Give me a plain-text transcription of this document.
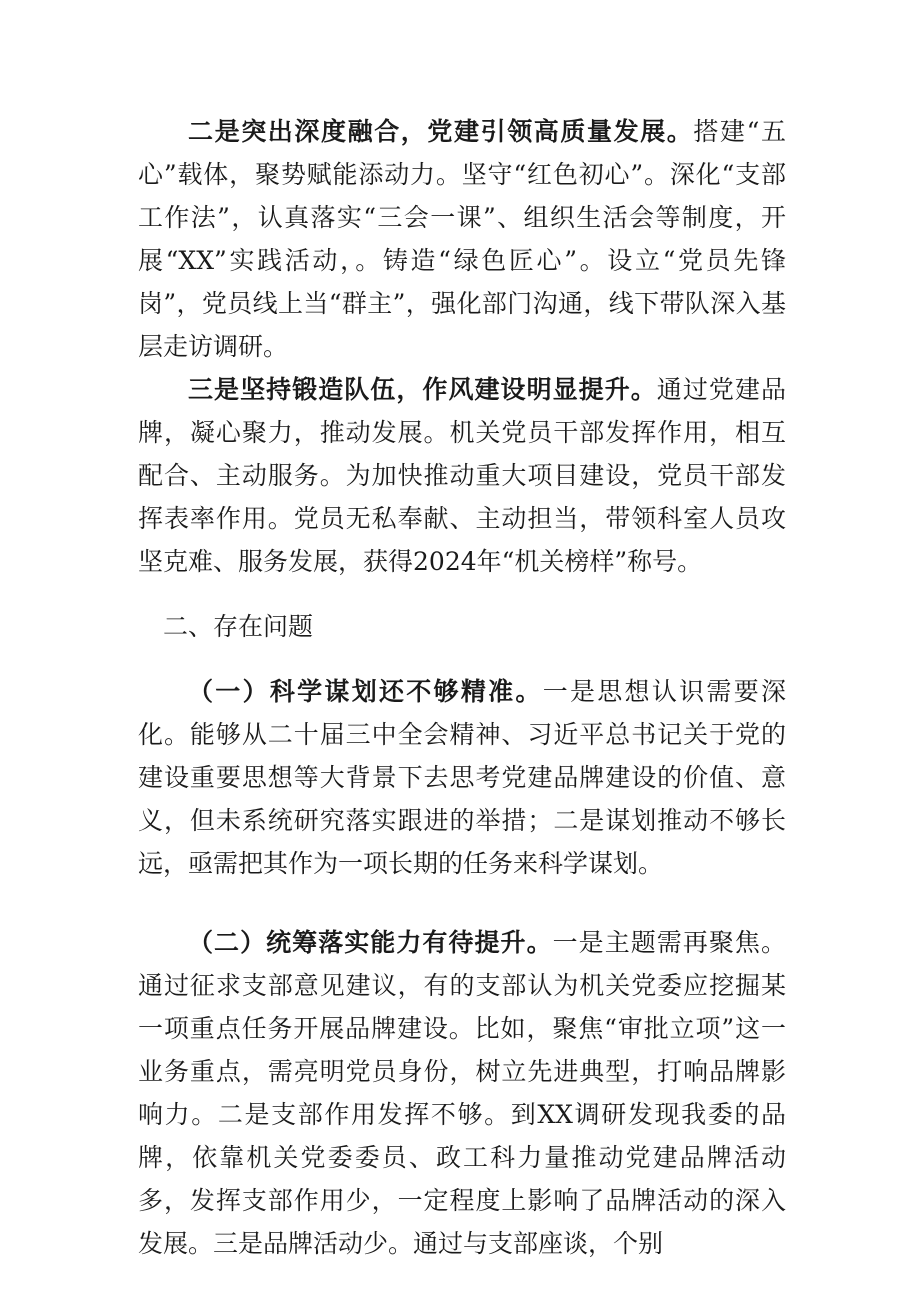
二是突出深度融合，党建引领高质量发展。搭建“五心”载体，聚势赋能添动力。坚守“红色初心”。深化“支部工作法”，认真落实“三会一课”、组织生活会等制度，开展“XX”实践活动，。铸造“绿色匠心”。设立“党员先锋岗”，党员线上当“群主”，强化部门沟通，线下带队深入基层走访调研。

三是坚持锻造队伍，作风建设明显提升。通过党建品牌，凝心聚力，推动发展。机关党员干部发挥作用，相互配合、主动服务。为加快推动重大项目建设，党员干部发挥表率作用。党员无私奉献、主动担当，带领科室人员攻坚克难、服务发展，获得2024年“机关榜样”称号。

二、存在问题

（一）科学谋划还不够精准。一是思想认识需要深化。能够从二十届三中全会精神、习近平总书记关于党的建设重要思想等大背景下去思考党建品牌建设的价值、意义，但未系统研究落实跟进的举措；二是谋划推动不够长远，亟需把其作为一项长期的任务来科学谋划。

（二）统筹落实能力有待提升。一是主题需再聚焦。通过征求支部意见建议，有的支部认为机关党委应挖掘某一项重点任务开展品牌建设。比如，聚焦“审批立项”这一业务重点，需亮明党员身份，树立先进典型，打响品牌影响力。二是支部作用发挥不够。到XX调研发现我委的品牌，依靠机关党委委员、政工科力量推动党建品牌活动多，发挥支部作用少，一定程度上影响了品牌活动的深入发展。三是品牌活动少。通过与支部座谈，个别
